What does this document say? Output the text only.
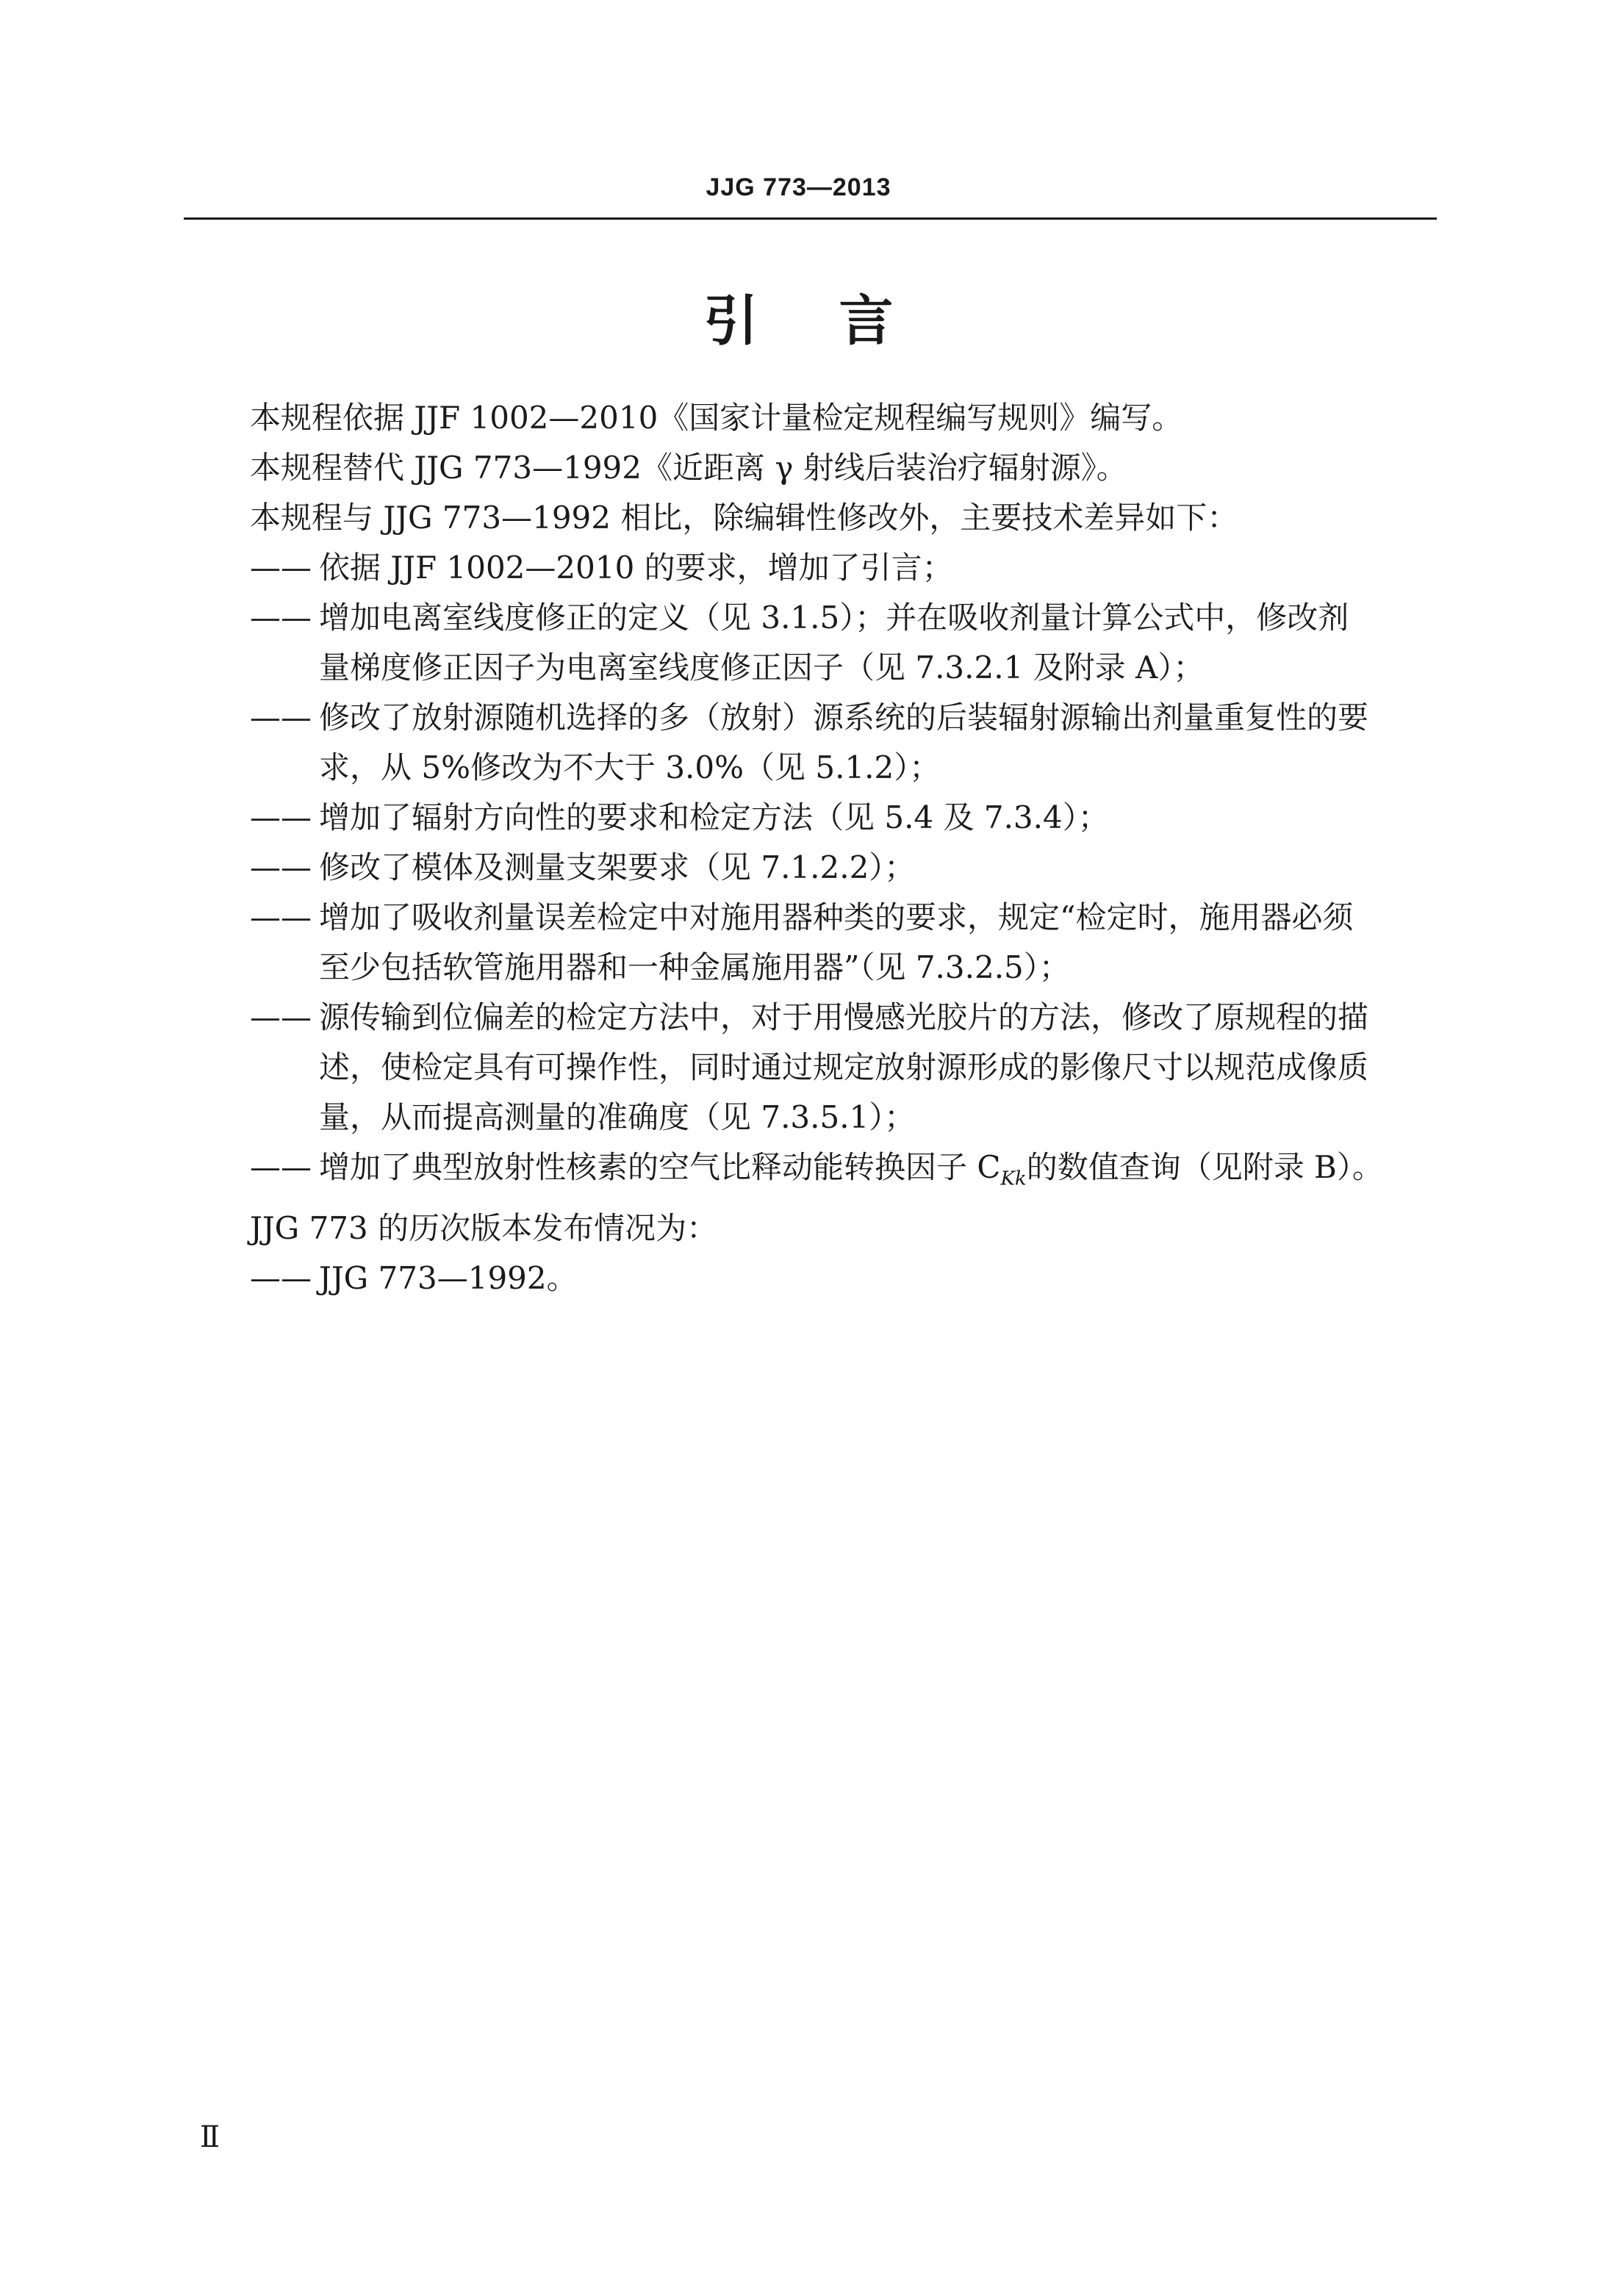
JJG 773—2013
引言
本规程依据 JJF 1002—2010《国家计量检定规程编写规则》编写。
本规程替代 JJG 773—1992《近距离 γ 射线后装治疗辐射源》。
本规程与 JJG 773—1992 相比，除编辑性修改外，主要技术差异如下：
—— 依据 JJF 1002—2010 的要求，增加了引言；
—— 增加电离室线度修正的定义（见 3.1.5）；并在吸收剂量计算公式中，修改剂
量梯度修正因子为电离室线度修正因子（见 7.3.2.1 及附录 A）；
—— 修改了放射源随机选择的多（放射）源系统的后装辐射源输出剂量重复性的要
求，从 5%修改为不大于 3.0%（见 5.1.2）；
—— 增加了辐射方向性的要求和检定方法（见 5.4 及 7.3.4）；
—— 修改了模体及测量支架要求（见 7.1.2.2）；
—— 增加了吸收剂量误差检定中对施用器种类的要求，规定“检定时，施用器必须
至少包括软管施用器和一种金属施用器”（见 7.3.2.5）；
—— 源传输到位偏差的检定方法中，对于用慢感光胶片的方法，修改了原规程的描
述，使检定具有可操作性，同时通过规定放射源形成的影像尺寸以规范成像质
量，从而提高测量的准确度（见 7.3.5.1）；
—— 增加了典型放射性核素的空气比释动能转换因子 $C_{Kk}$的数值查询（见附录 B）。
JJG 773 的历次版本发布情况为：
—— JJG 773—1992。
Ⅱ
